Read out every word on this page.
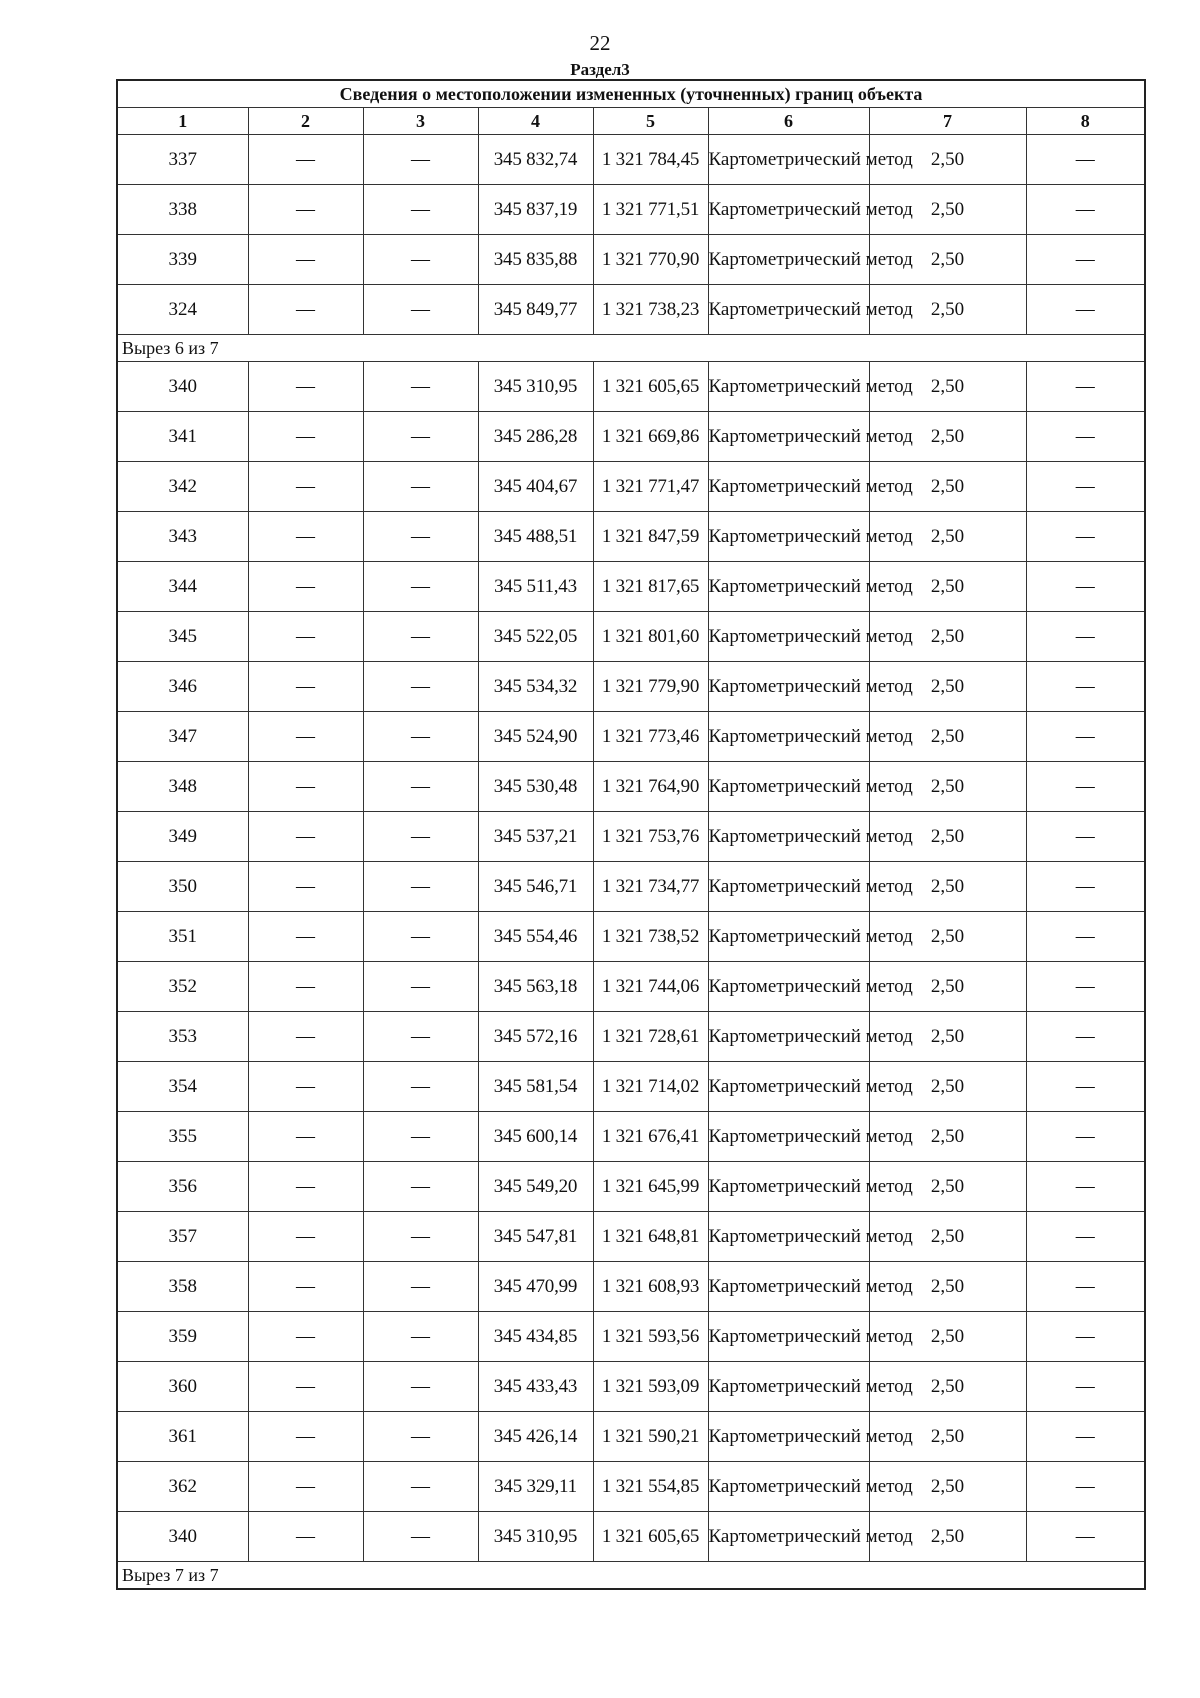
22
Раздел3
Сведения о местоположении измененных (уточненных) границ объекта							
1	2	3	4	5	6	7	8
337	—	—	345 832,74	1 321 784,45	Картометрический метод	2,50	—
338	—	—	345 837,19	1 321 771,51	Картометрический метод	2,50	—
339	—	—	345 835,88	1 321 770,90	Картометрический метод	2,50	—
324	—	—	345 849,77	1 321 738,23	Картометрический метод	2,50	—
Вырез 6 из 7							
340	—	—	345 310,95	1 321 605,65	Картометрический метод	2,50	—
341	—	—	345 286,28	1 321 669,86	Картометрический метод	2,50	—
342	—	—	345 404,67	1 321 771,47	Картометрический метод	2,50	—
343	—	—	345 488,51	1 321 847,59	Картометрический метод	2,50	—
344	—	—	345 511,43	1 321 817,65	Картометрический метод	2,50	—
345	—	—	345 522,05	1 321 801,60	Картометрический метод	2,50	—
346	—	—	345 534,32	1 321 779,90	Картометрический метод	2,50	—
347	—	—	345 524,90	1 321 773,46	Картометрический метод	2,50	—
348	—	—	345 530,48	1 321 764,90	Картометрический метод	2,50	—
349	—	—	345 537,21	1 321 753,76	Картометрический метод	2,50	—
350	—	—	345 546,71	1 321 734,77	Картометрический метод	2,50	—
351	—	—	345 554,46	1 321 738,52	Картометрический метод	2,50	—
352	—	—	345 563,18	1 321 744,06	Картометрический метод	2,50	—
353	—	—	345 572,16	1 321 728,61	Картометрический метод	2,50	—
354	—	—	345 581,54	1 321 714,02	Картометрический метод	2,50	—
355	—	—	345 600,14	1 321 676,41	Картометрический метод	2,50	—
356	—	—	345 549,20	1 321 645,99	Картометрический метод	2,50	—
357	—	—	345 547,81	1 321 648,81	Картометрический метод	2,50	—
358	—	—	345 470,99	1 321 608,93	Картометрический метод	2,50	—
359	—	—	345 434,85	1 321 593,56	Картометрический метод	2,50	—
360	—	—	345 433,43	1 321 593,09	Картометрический метод	2,50	—
361	—	—	345 426,14	1 321 590,21	Картометрический метод	2,50	—
362	—	—	345 329,11	1 321 554,85	Картометрический метод	2,50	—
340	—	—	345 310,95	1 321 605,65	Картометрический метод	2,50	—
Вырез 7 из 7							
